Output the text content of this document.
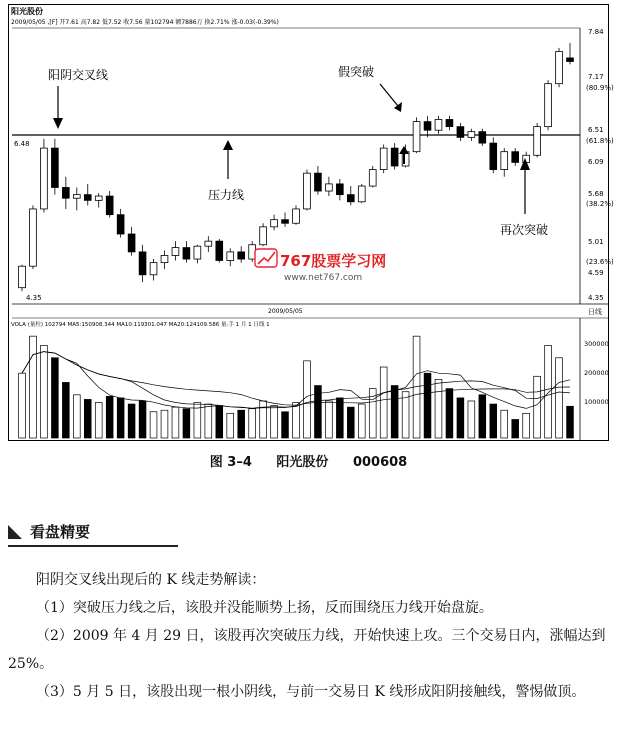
阳光股份
2009/05/05 ,[F] 开7.61 高7.82 低7.52 收7.56 量102794 额7886万 换2.71% 涨-0.03(-0.39%)
6.48
4.35
7.84
7.17
(80.9%)
6.51
(61.8%)
6.09
5.68
(38.2%)
5.01
(23.6%)
4.59
4.35
2009/05/05	日线
VOLA (量柱) 102794 MA5:150908.344 MA10:119301.047 MA20:124109.586 量:手 1 月 1 日线 1
300000
200000
100000
阳阴交叉线	假突破
压力线
再次突破
767股票学习网
www.net767.com
图 3–4 阳光股份 000608
看盘精要
阳阴交叉线出现后的 K 线走势解读：
（1）突破压力线之后，该股并没能顺势上扬，反而围绕压力线开始盘旋。
（2）2009 年 4 月 29 日，该股再次突破压力线，开始快速上攻。三个交易日内，涨幅达到 25%。
（3）5 月 5 日，该股出现一根小阴线，与前一交易日 K 线形成阳阴接触线，警惕做顶。
